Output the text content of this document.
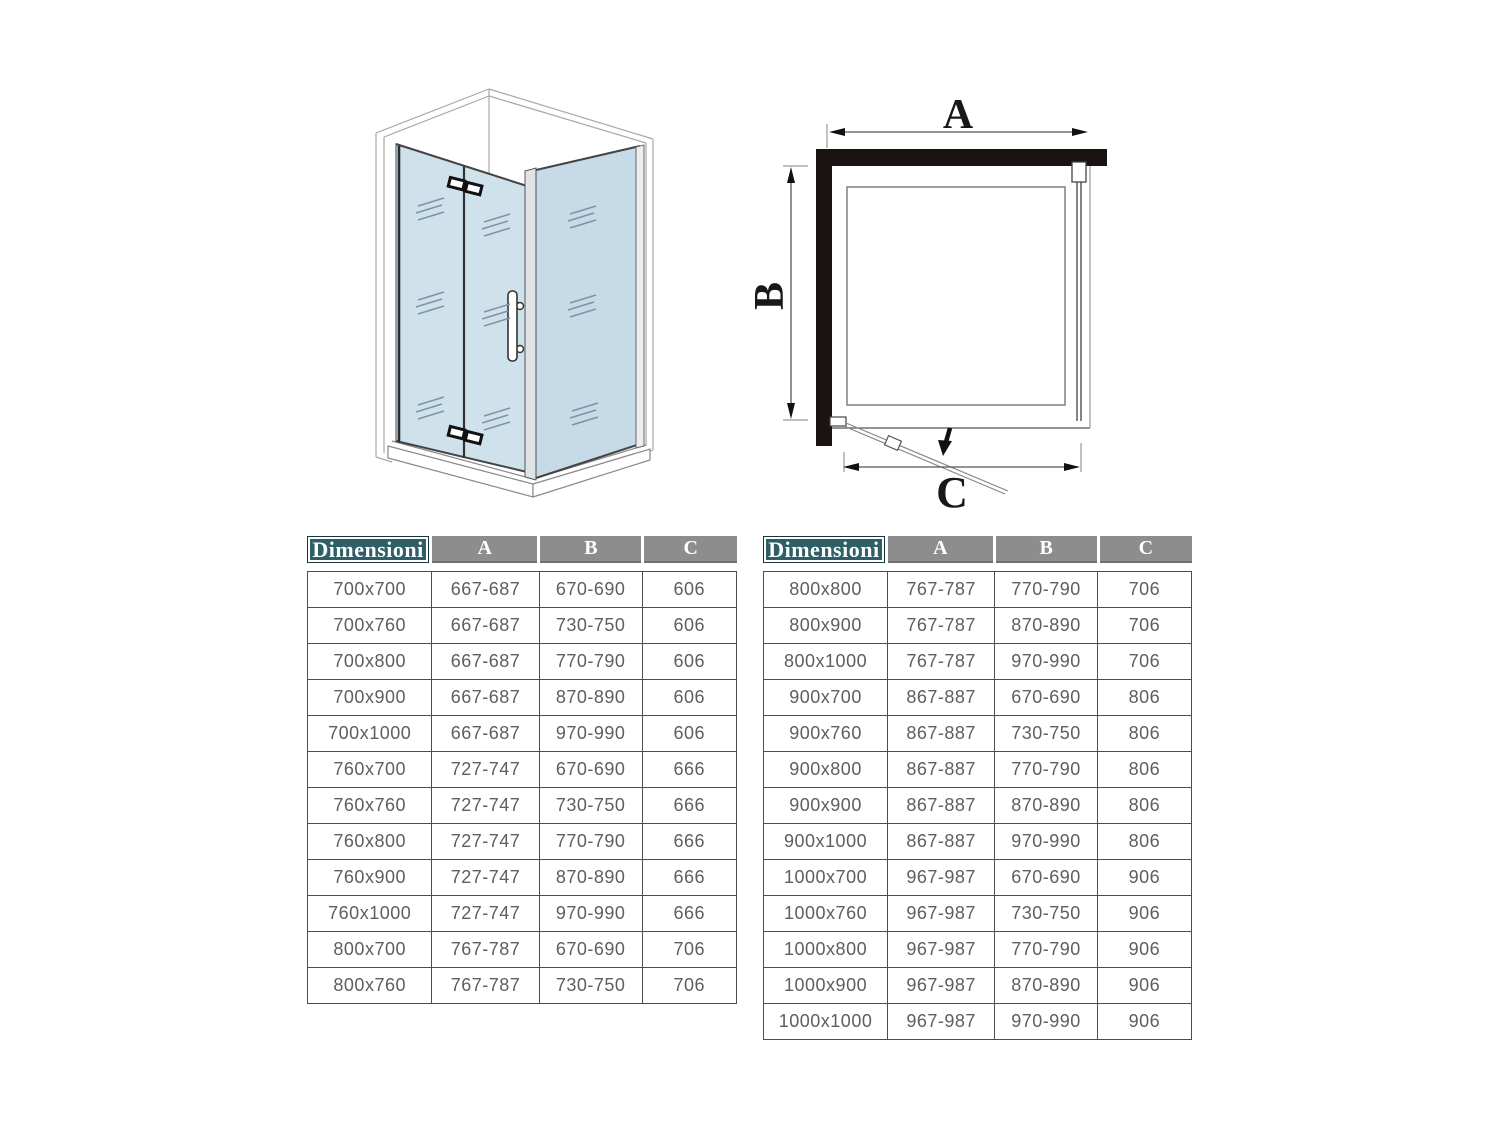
A
B
C
Dimensioni	A	B	C
700x700	667-687	670-690	606
700x760	667-687	730-750	606
700x800	667-687	770-790	606
700x900	667-687	870-890	606
700x1000	667-687	970-990	606
760x700	727-747	670-690	666
760x760	727-747	730-750	666
760x800	727-747	770-790	666
760x900	727-747	870-890	666
760x1000	727-747	970-990	666
800x700	767-787	670-690	706
800x760	767-787	730-750	706
Dimensioni	A	B	C
800x800	767-787	770-790	706
800x900	767-787	870-890	706
800x1000	767-787	970-990	706
900x700	867-887	670-690	806
900x760	867-887	730-750	806
900x800	867-887	770-790	806
900x900	867-887	870-890	806
900x1000	867-887	970-990	806
1000x700	967-987	670-690	906
1000x760	967-987	730-750	906
1000x800	967-987	770-790	906
1000x900	967-987	870-890	906
1000x1000	967-987	970-990	906
